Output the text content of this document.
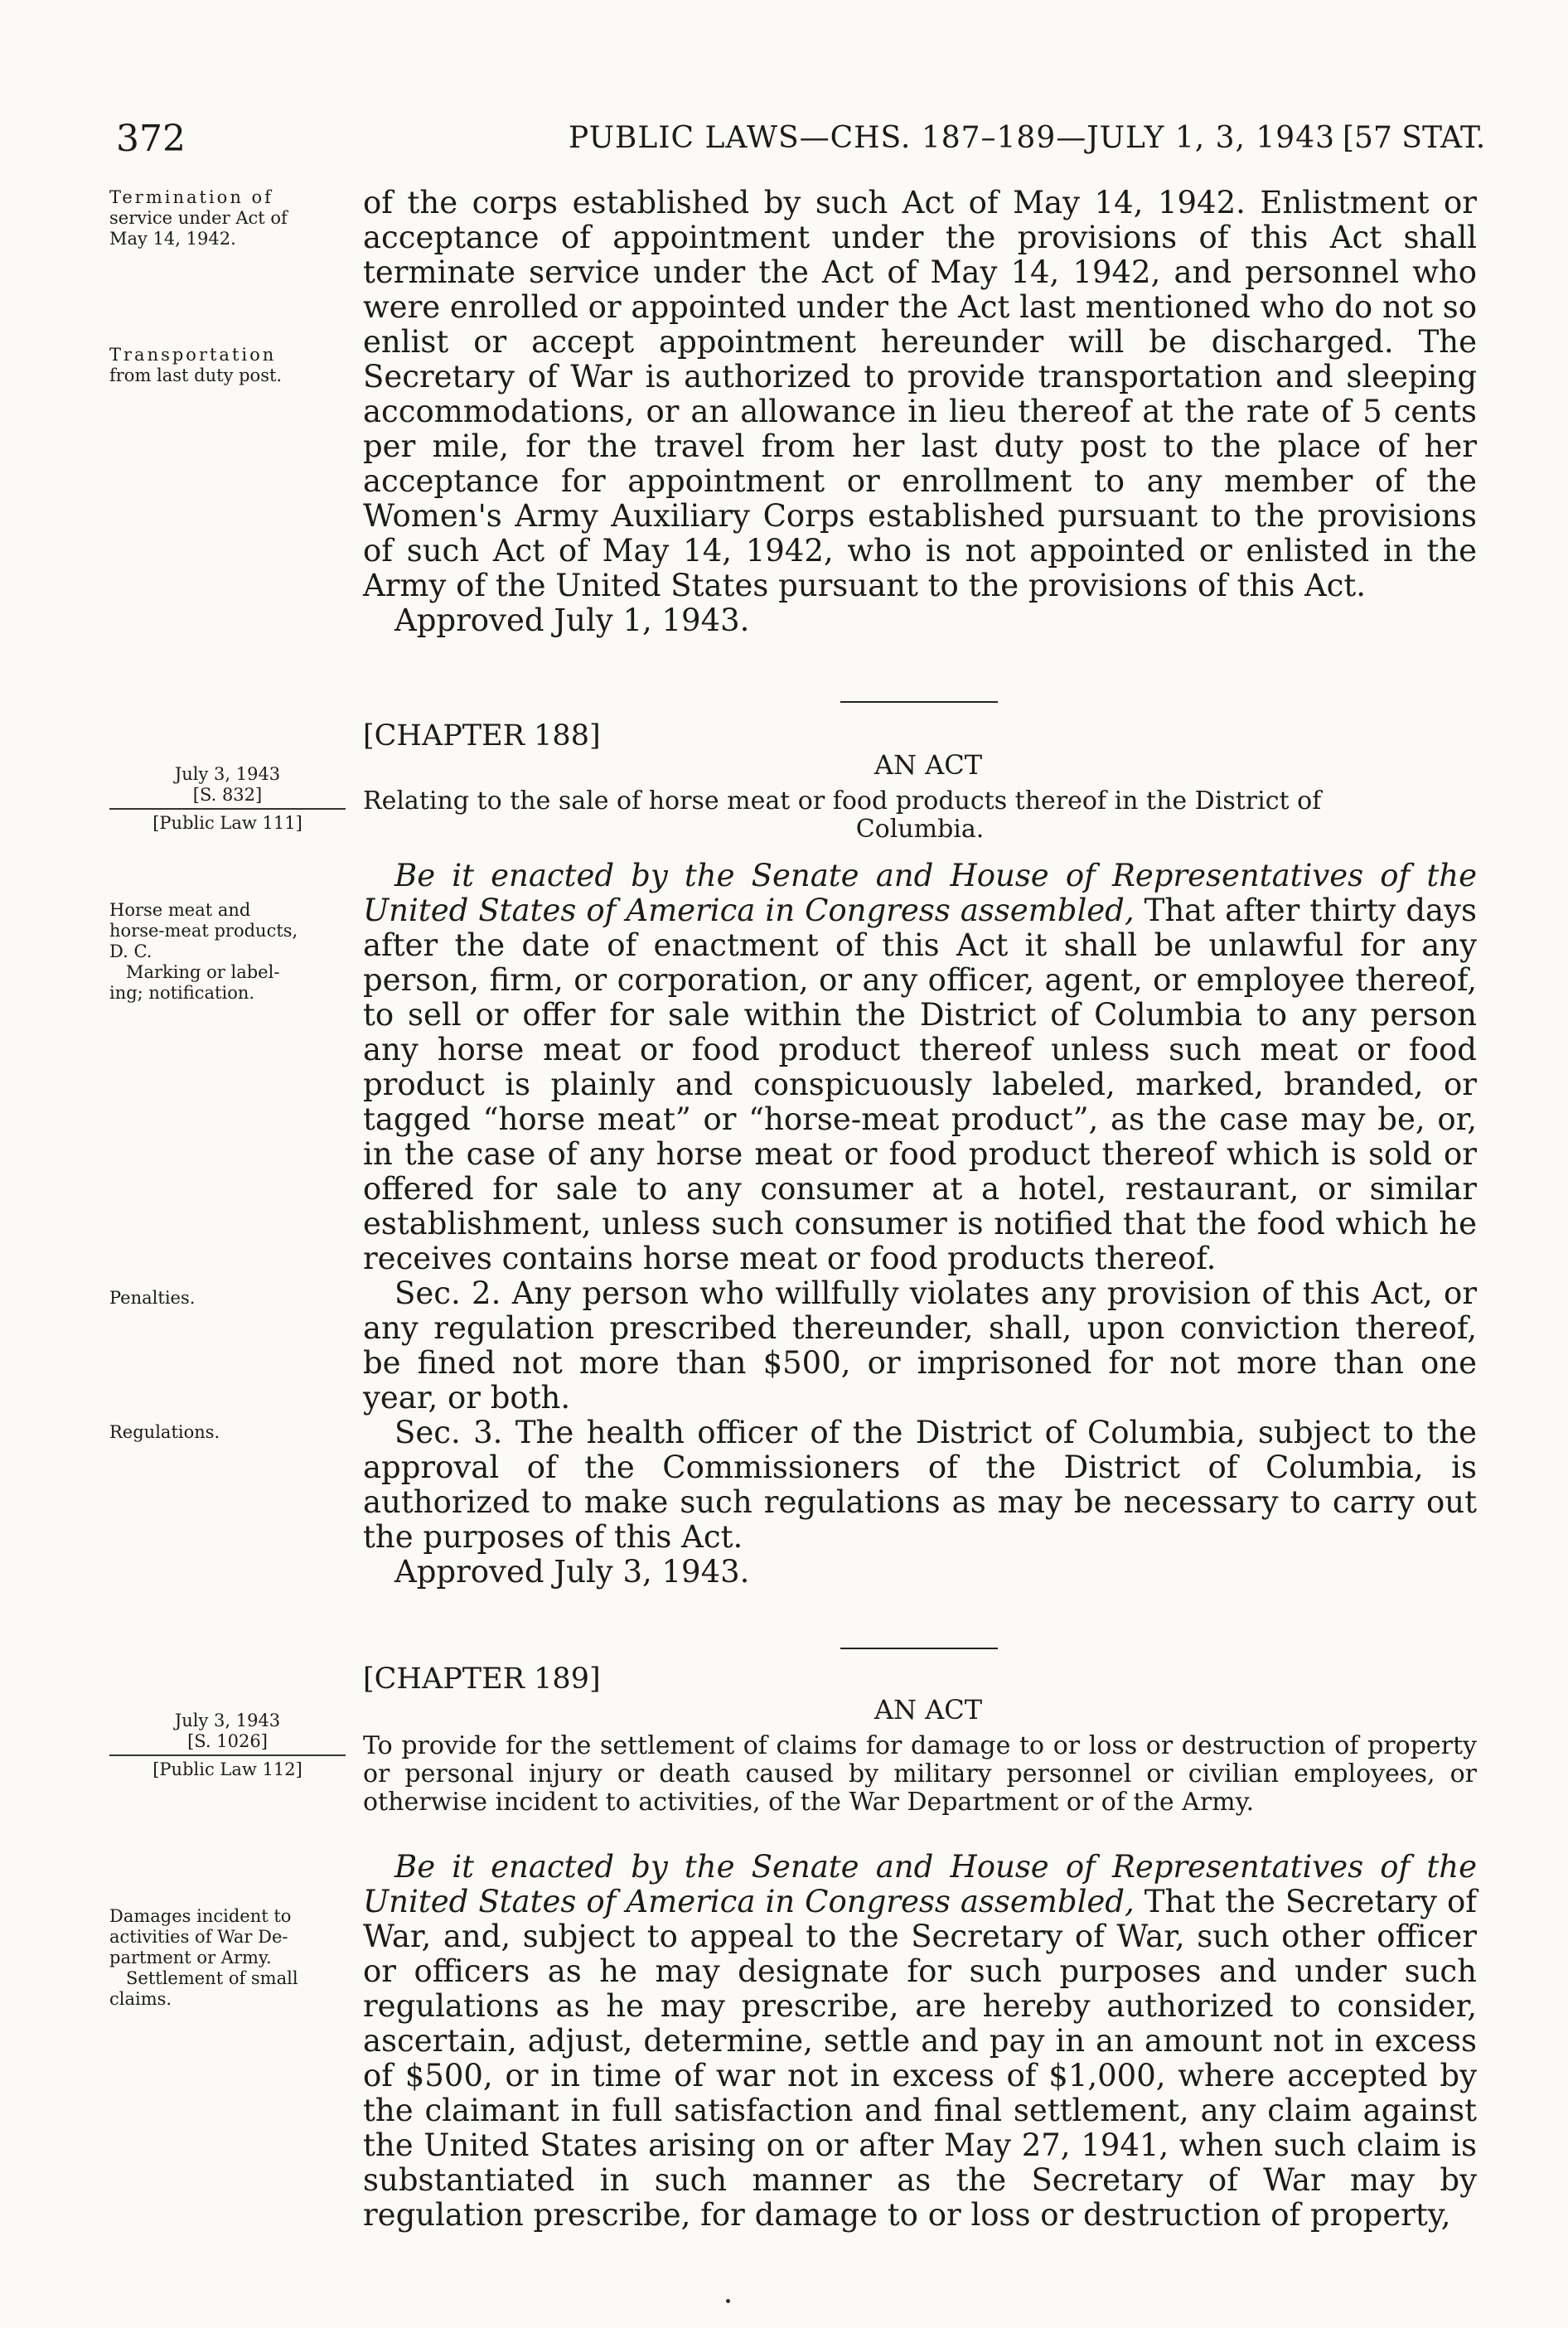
372	PUBLIC LAWS—CHS. 187–189—JULY 1, 3, 1943 [57 STAT.
Termination of
service under Act of
May 14, 1942.
Transportation
from last duty post.

of the corps established by such Act of May 14, 1942. Enlistment or acceptance of appointment under the provisions of this Act shall terminate service under the Act of May 14, 1942, and personnel who were enrolled or appointed under the Act last mentioned who do not so enlist or accept appointment hereunder will be discharged. The Secretary of War is authorized to provide transportation and sleeping accommodations, or an allowance in lieu thereof at the rate of 5 cents per mile, for the travel from her last duty post to the place of her acceptance for appointment or enrollment to any member of the Women's Army Auxiliary Corps established pursuant to the provisions of such Act of May 14, 1942, who is not appointed or enlisted in the Army of the United States pursuant to the provisions of this Act.

Approved July 1, 1943.

[CHAPTER 188]
AN ACT
July 3, 1943
[S. 832]
[Public Law 111]
Relating to the sale of horse meat or food products thereof in the District of
Columbia.
Horse meat and
horse-meat products,
D. C.
Marking or label-
ing; notification.
Penalties.
Regulations.

Be it enacted by the Senate and House of Representatives of the United States of America in Congress assembled, That after thirty days after the date of enactment of this Act it shall be unlawful for any person, firm, or corporation, or any officer, agent, or employee thereof, to sell or offer for sale within the District of Columbia to any person any horse meat or food product thereof unless such meat or food product is plainly and conspicuously labeled, marked, branded, or tagged “horse meat” or “horse-meat product”, as the case may be, or, in the case of any horse meat or food product thereof which is sold or offered for sale to any consumer at a hotel, restaurant, or similar establishment, unless such consumer is notified that the food which he receives contains horse meat or food products thereof.

Sec. 2. Any person who willfully violates any provision of this Act, or any regulation prescribed thereunder, shall, upon conviction thereof, be fined not more than $500, or imprisoned for not more than one year, or both.

Sec. 3. The health officer of the District of Columbia, subject to the approval of the Commissioners of the District of Columbia, is authorized to make such regulations as may be necessary to carry out the purposes of this Act.

Approved July 3, 1943.

[CHAPTER 189]
AN ACT
July 3, 1943
[S. 1026]
[Public Law 112]
To provide for the settlement of claims for damage to or loss or destruction of property or personal injury or death caused by military personnel or civilian employees, or otherwise incident to activities, of the War Department or of the Army.
Damages incident to
activities of War De-
partment or Army.
Settlement of small
claims.

Be it enacted by the Senate and House of Representatives of the United States of America in Congress assembled, That the Secretary of War, and, subject to appeal to the Secretary of War, such other officer or officers as he may designate for such purposes and under such regulations as he may prescribe, are hereby authorized to consider, ascertain, adjust, determine, settle and pay in an amount not in excess of $500, or in time of war not in excess of $1,000, where accepted by the claimant in full satisfaction and final settlement, any claim against the United States arising on or after May 27, 1941, when such claim is substantiated in such manner as the Secretary of War may by regulation prescribe, for damage to or loss or destruction of property,
